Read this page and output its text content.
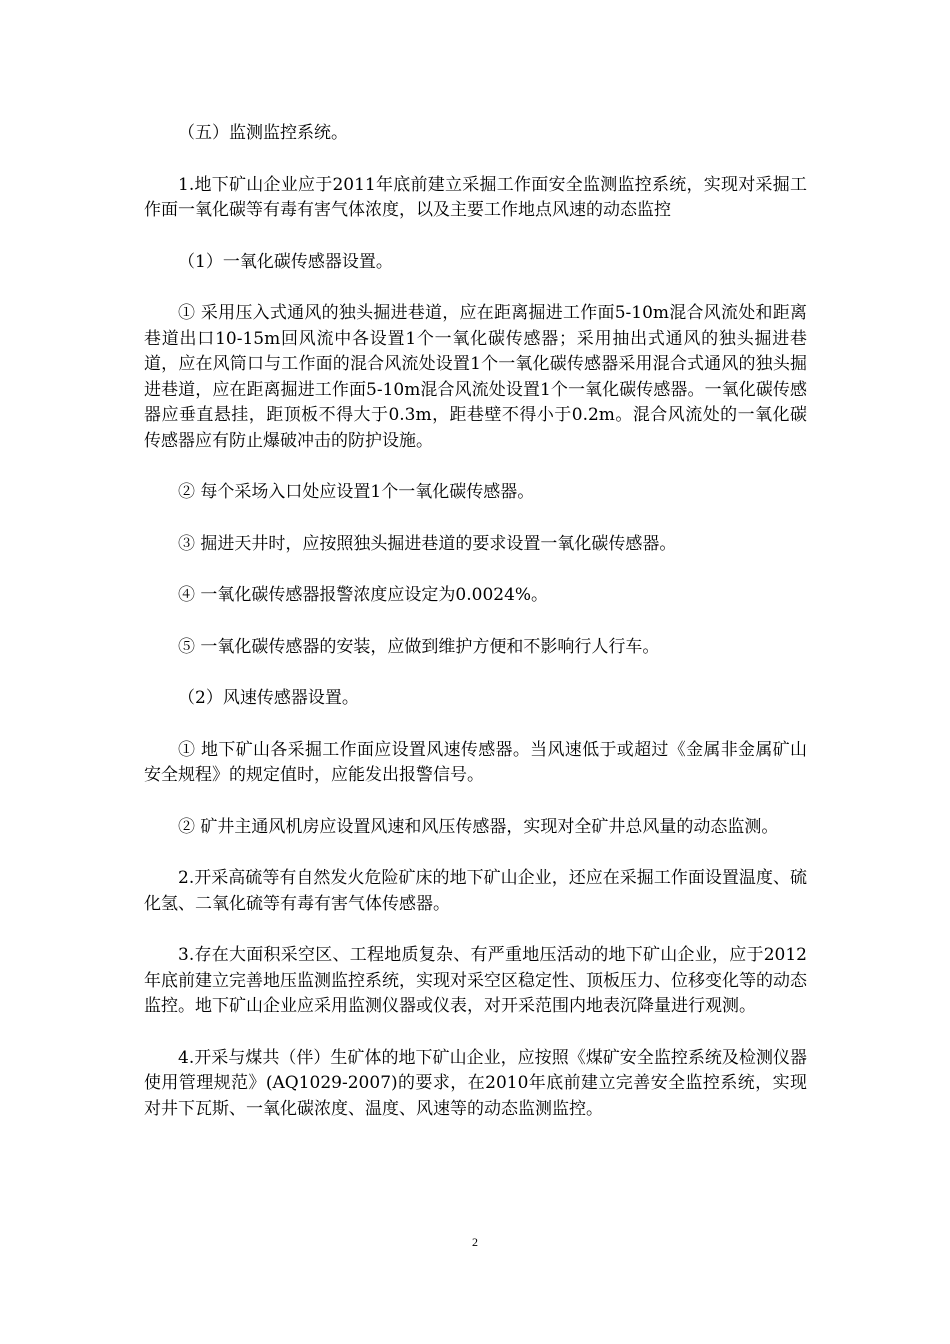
（五）监测监控系统。

1.地下矿山企业应于2011年底前建立采掘工作面安全监测监控系统，实现对采掘工作面一氧化碳等有毒有害气体浓度，以及主要工作地点风速的动态监控

（1）一氧化碳传感器设置。

① 采用压入式通风的独头掘进巷道，应在距离掘进工作面5-10m混合风流处和距离巷道出口10-15m回风流中各设置1个一氧化碳传感器；采用抽出式通风的独头掘进巷道，应在风筒口与工作面的混合风流处设置1个一氧化碳传感器采用混合式通风的独头掘进巷道，应在距离掘进工作面5-10m混合风流处设置1个一氧化碳传感器。一氧化碳传感器应垂直悬挂，距顶板不得大于0.3m，距巷壁不得小于0.2m。混合风流处的一氧化碳传感器应有防止爆破冲击的防护设施。

② 每个采场入口处应设置1个一氧化碳传感器。

③ 掘进天井时，应按照独头掘进巷道的要求设置一氧化碳传感器。

④ 一氧化碳传感器报警浓度应设定为0.0024%。

⑤ 一氧化碳传感器的安装，应做到维护方便和不影响行人行车。

（2）风速传感器设置。

① 地下矿山各采掘工作面应设置风速传感器。当风速低于或超过《金属非金属矿山安全规程》的规定值时，应能发出报警信号。

② 矿井主通风机房应设置风速和风压传感器，实现对全矿井总风量的动态监测。

2.开采高硫等有自然发火危险矿床的地下矿山企业，还应在采掘工作面设置温度、硫化氢、二氧化硫等有毒有害气体传感器。

3.存在大面积采空区、工程地质复杂、有严重地压活动的地下矿山企业，应于2012年底前建立完善地压监测监控系统，实现对采空区稳定性、顶板压力、位移变化等的动态监控。地下矿山企业应采用监测仪器或仪表，对开采范围内地表沉降量进行观测。

4.开采与煤共（伴）生矿体的地下矿山企业，应按照《煤矿安全监控系统及检测仪器使用管理规范》(AQ1029-2007)的要求，在2010年底前建立完善安全监控系统，实现对井下瓦斯、一氧化碳浓度、温度、风速等的动态监测监控。

2
